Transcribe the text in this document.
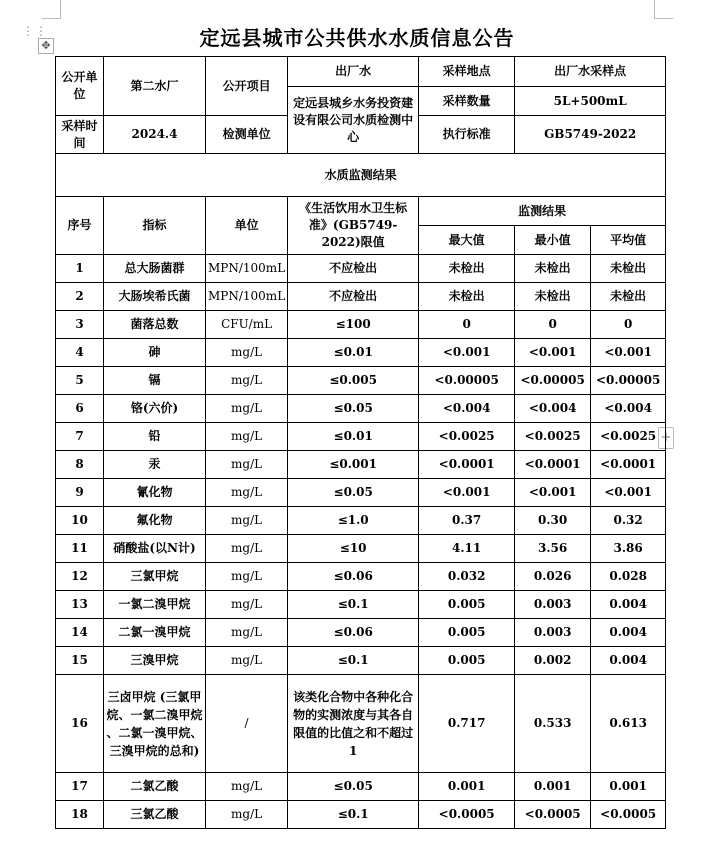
⋮⋮
✥
+
定远县城市公共供水水质信息公告
公开单位	第二水厂	公开项目	出厂水	采样地点	出厂水采样点	
			定远县城乡水务投资建设有限公司水质检测中心	采样数量	5L+500mL	
采样时间	2024.4	检测单位		执行标准	GB5749-2022	
水质监测结果						
序号	指标	单位	《生活饮用水卫生标准》(GB5749-2022)限值	监测结果		
				最大值	最小值	平均值
1	总大肠菌群	MPN/100mL	不应检出	未检出	未检出	未检出
2	大肠埃希氏菌	MPN/100mL	不应检出	未检出	未检出	未检出
3	菌落总数	CFU/mL	≤100	0	0	0
4	砷	mg/L	≤0.01	<0.001	<0.001	<0.001
5	镉	mg/L	≤0.005	<0.00005	<0.00005	<0.00005
6	铬(六价)	mg/L	≤0.05	<0.004	<0.004	<0.004
7	铅	mg/L	≤0.01	<0.0025	<0.0025	<0.0025
8	汞	mg/L	≤0.001	<0.0001	<0.0001	<0.0001
9	氰化物	mg/L	≤0.05	<0.001	<0.001	<0.001
10	氟化物	mg/L	≤1.0	0.37	0.30	0.32
11	硝酸盐(以N计)	mg/L	≤10	4.11	3.56	3.86
12	三氯甲烷	mg/L	≤0.06	0.032	0.026	0.028
13	一氯二溴甲烷	mg/L	≤0.1	0.005	0.003	0.004
14	二氯一溴甲烷	mg/L	≤0.06	0.005	0.003	0.004
15	三溴甲烷	mg/L	≤0.1	0.005	0.002	0.004
16	三卤甲烷 (三氯甲烷、一氯二溴甲烷 、二氯一溴甲烷、三溴甲烷的总和)	/	该类化合物中各种化合物的实测浓度与其各自限值的比值之和不超过1	0.717	0.533	0.613
17	二氯乙酸	mg/L	≤0.05	0.001	0.001	0.001
18	三氯乙酸	mg/L	≤0.1	<0.0005	<0.0005	<0.0005
